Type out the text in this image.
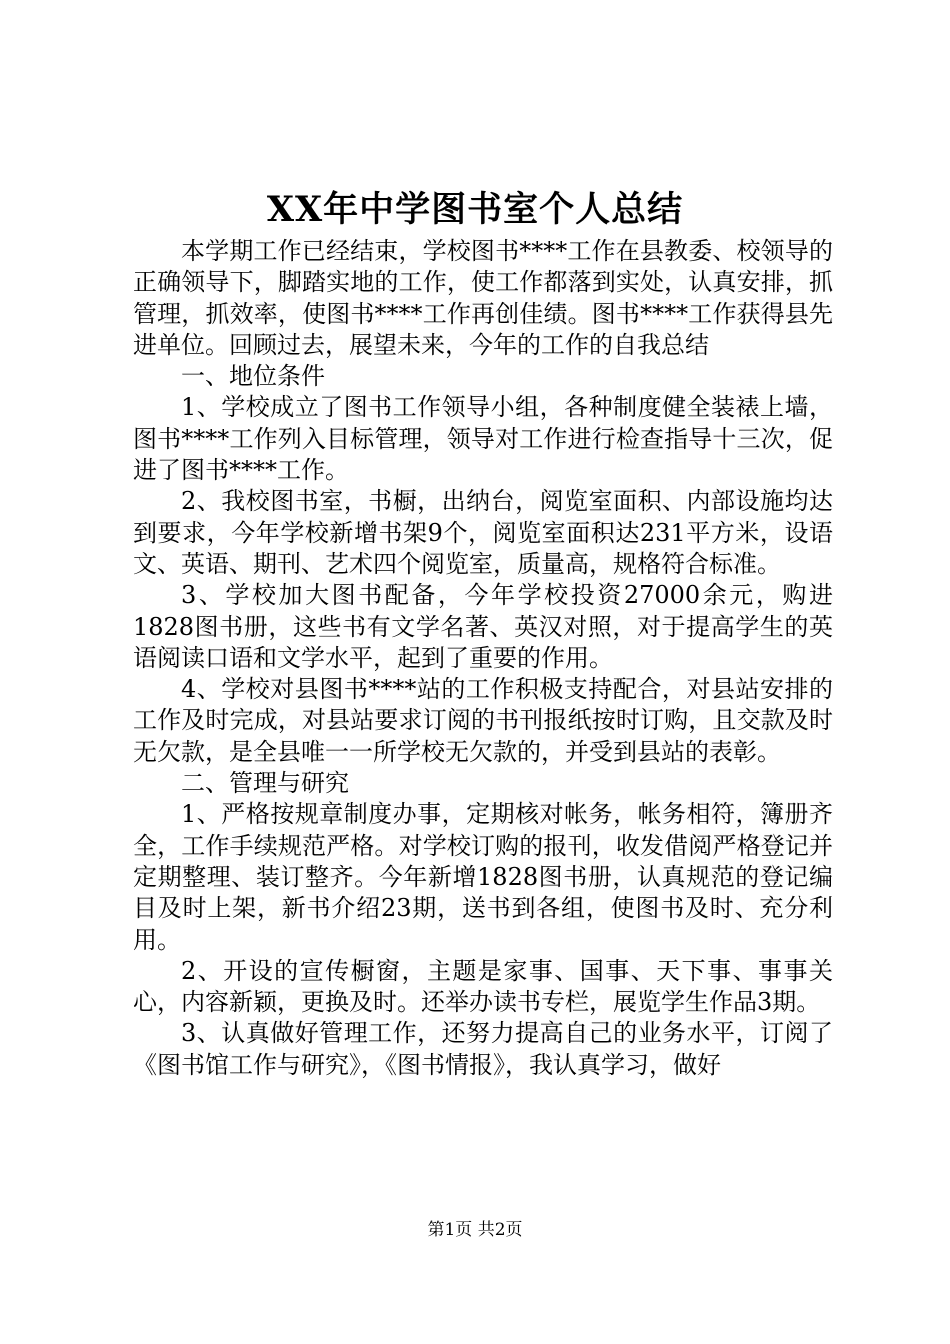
XX年中学图书室个人总结

本学期工作已经结束，学校图书****工作在县教委、校领导的正确领导下，脚踏实地的工作，使工作都落到实处，认真安排，抓管理，抓效率，使图书****工作再创佳绩。图书****工作获得县先进单位。回顾过去，展望未来，今年的工作的自我总结

一、地位条件

1、学校成立了图书工作领导小组，各种制度健全装裱上墙，图书****工作列入目标管理，领导对工作进行检查指导十三次，促进了图书****工作。

2、我校图书室，书橱，出纳台，阅览室面积、内部设施均达到要求，今年学校新增书架9个，阅览室面积达231平方米，设语文、英语、期刊、艺术四个阅览室，质量高，规格符合标准。

3、学校加大图书配备，今年学校投资27000余元，购进1828图书册，这些书有文学名著、英汉对照，对于提高学生的英语阅读口语和文学水平，起到了重要的作用。

4、学校对县图书****站的工作积极支持配合，对县站安排的工作及时完成，对县站要求订阅的书刊报纸按时订购，且交款及时无欠款，是全县唯一一所学校无欠款的，并受到县站的表彰。

二、管理与研究

1、严格按规章制度办事，定期核对帐务，帐务相符，簿册齐全，工作手续规范严格。对学校订购的报刊，收发借阅严格登记并定期整理、装订整齐。今年新增1828图书册，认真规范的登记编目及时上架，新书介绍23期，送书到各组，使图书及时、充分利用。

2、开设的宣传橱窗，主题是家事、国事、天下事、事事关心，内容新颖，更换及时。还举办读书专栏，展览学生作品3期。

3、认真做好管理工作，还努力提高自己的业务水平，订阅了《图书馆工作与研究》，《图书情报》，我认真学习，做好

第1页 共2页
